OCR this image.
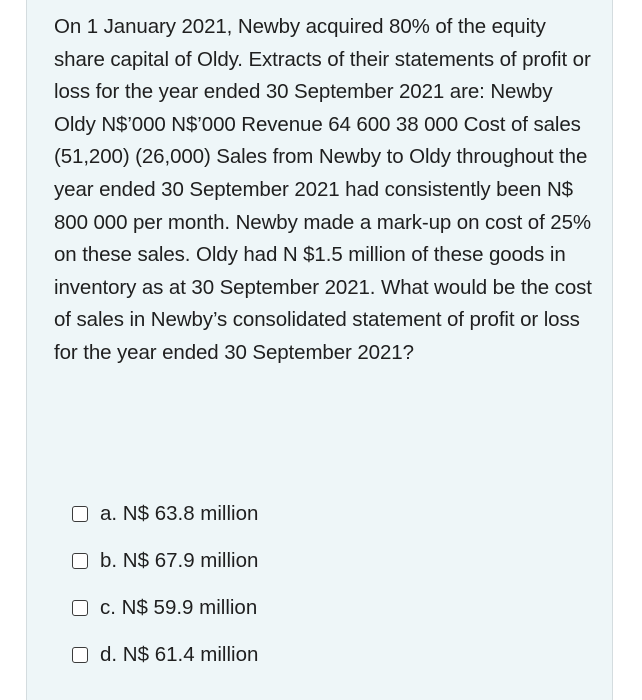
On 1 January 2021, Newby acquired 80% of the equity share capital of Oldy. Extracts of their statements of profit or loss for the year ended 30 September 2021 are: Newby Oldy N$’000 N$’000 Revenue 64 600 38 000 Cost of sales (51,200) (26,000) Sales from Newby to Oldy throughout the year ended 30 September 2021 had consistently been N$ 800 000 per month. Newby made a mark-up on cost of 25% on these sales. Oldy had N $1.5 million of these goods in inventory as at 30 September 2021. What would be the cost of sales in Newby’s consolidated statement of profit or loss for the year ended 30 September 2021?

a. N$ 63.8 million
b. N$ 67.9 million
c. N$ 59.9 million
d. N$ 61.4 million
